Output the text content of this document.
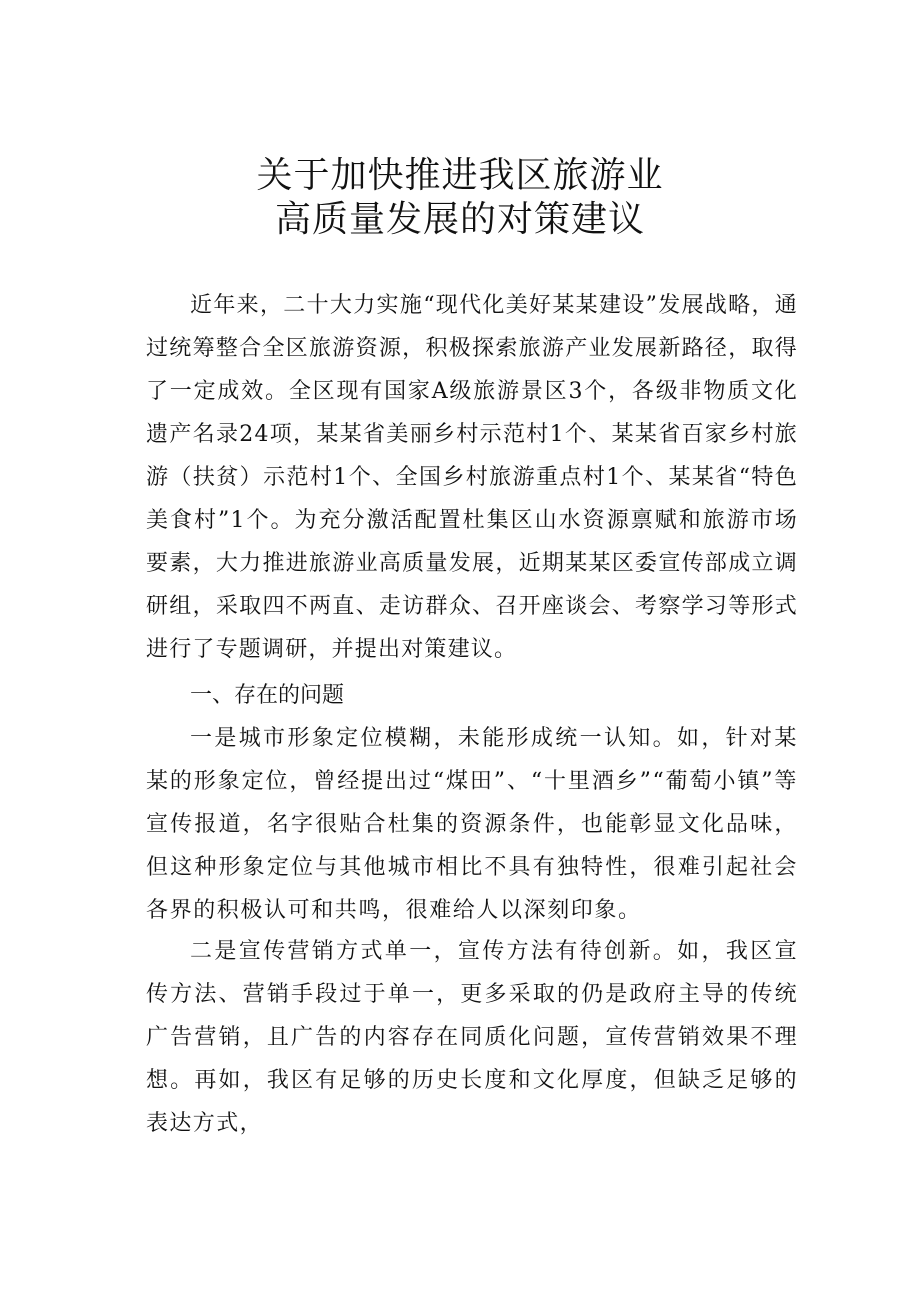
关于加快推进我区旅游业
高质量发展的对策建议

近年来，二十大力实施“现代化美好某某建设”发展战略，通过统筹整合全区旅游资源，积极探索旅游产业发展新路径，取得了一定成效。全区现有国家A级旅游景区3个，各级非物质文化遗产名录24项，某某省美丽乡村示范村1个、某某省百家乡村旅游（扶贫）示范村1个、全国乡村旅游重点村1个、某某省“特色美食村”1个。为充分激活配置杜集区山水资源禀赋和旅游市场要素，大力推进旅游业高质量发展，近期某某区委宣传部成立调研组，采取四不两直、走访群众、召开座谈会、考察学习等形式进行了专题调研，并提出对策建议。

一、存在的问题

一是城市形象定位模糊，未能形成统一认知。如，针对某某的形象定位，曾经提出过“煤田”、“十里酒乡”“葡萄小镇”等宣传报道，名字很贴合杜集的资源条件，也能彰显文化品味，但这种形象定位与其他城市相比不具有独特性，很难引起社会各界的积极认可和共鸣，很难给人以深刻印象。

二是宣传营销方式单一，宣传方法有待创新。如，我区宣传方法、营销手段过于单一，更多采取的仍是政府主导的传统广告营销，且广告的内容存在同质化问题，宣传营销效果不理想。再如，我区有足够的历史长度和文化厚度，但缺乏足够的表达方式，
